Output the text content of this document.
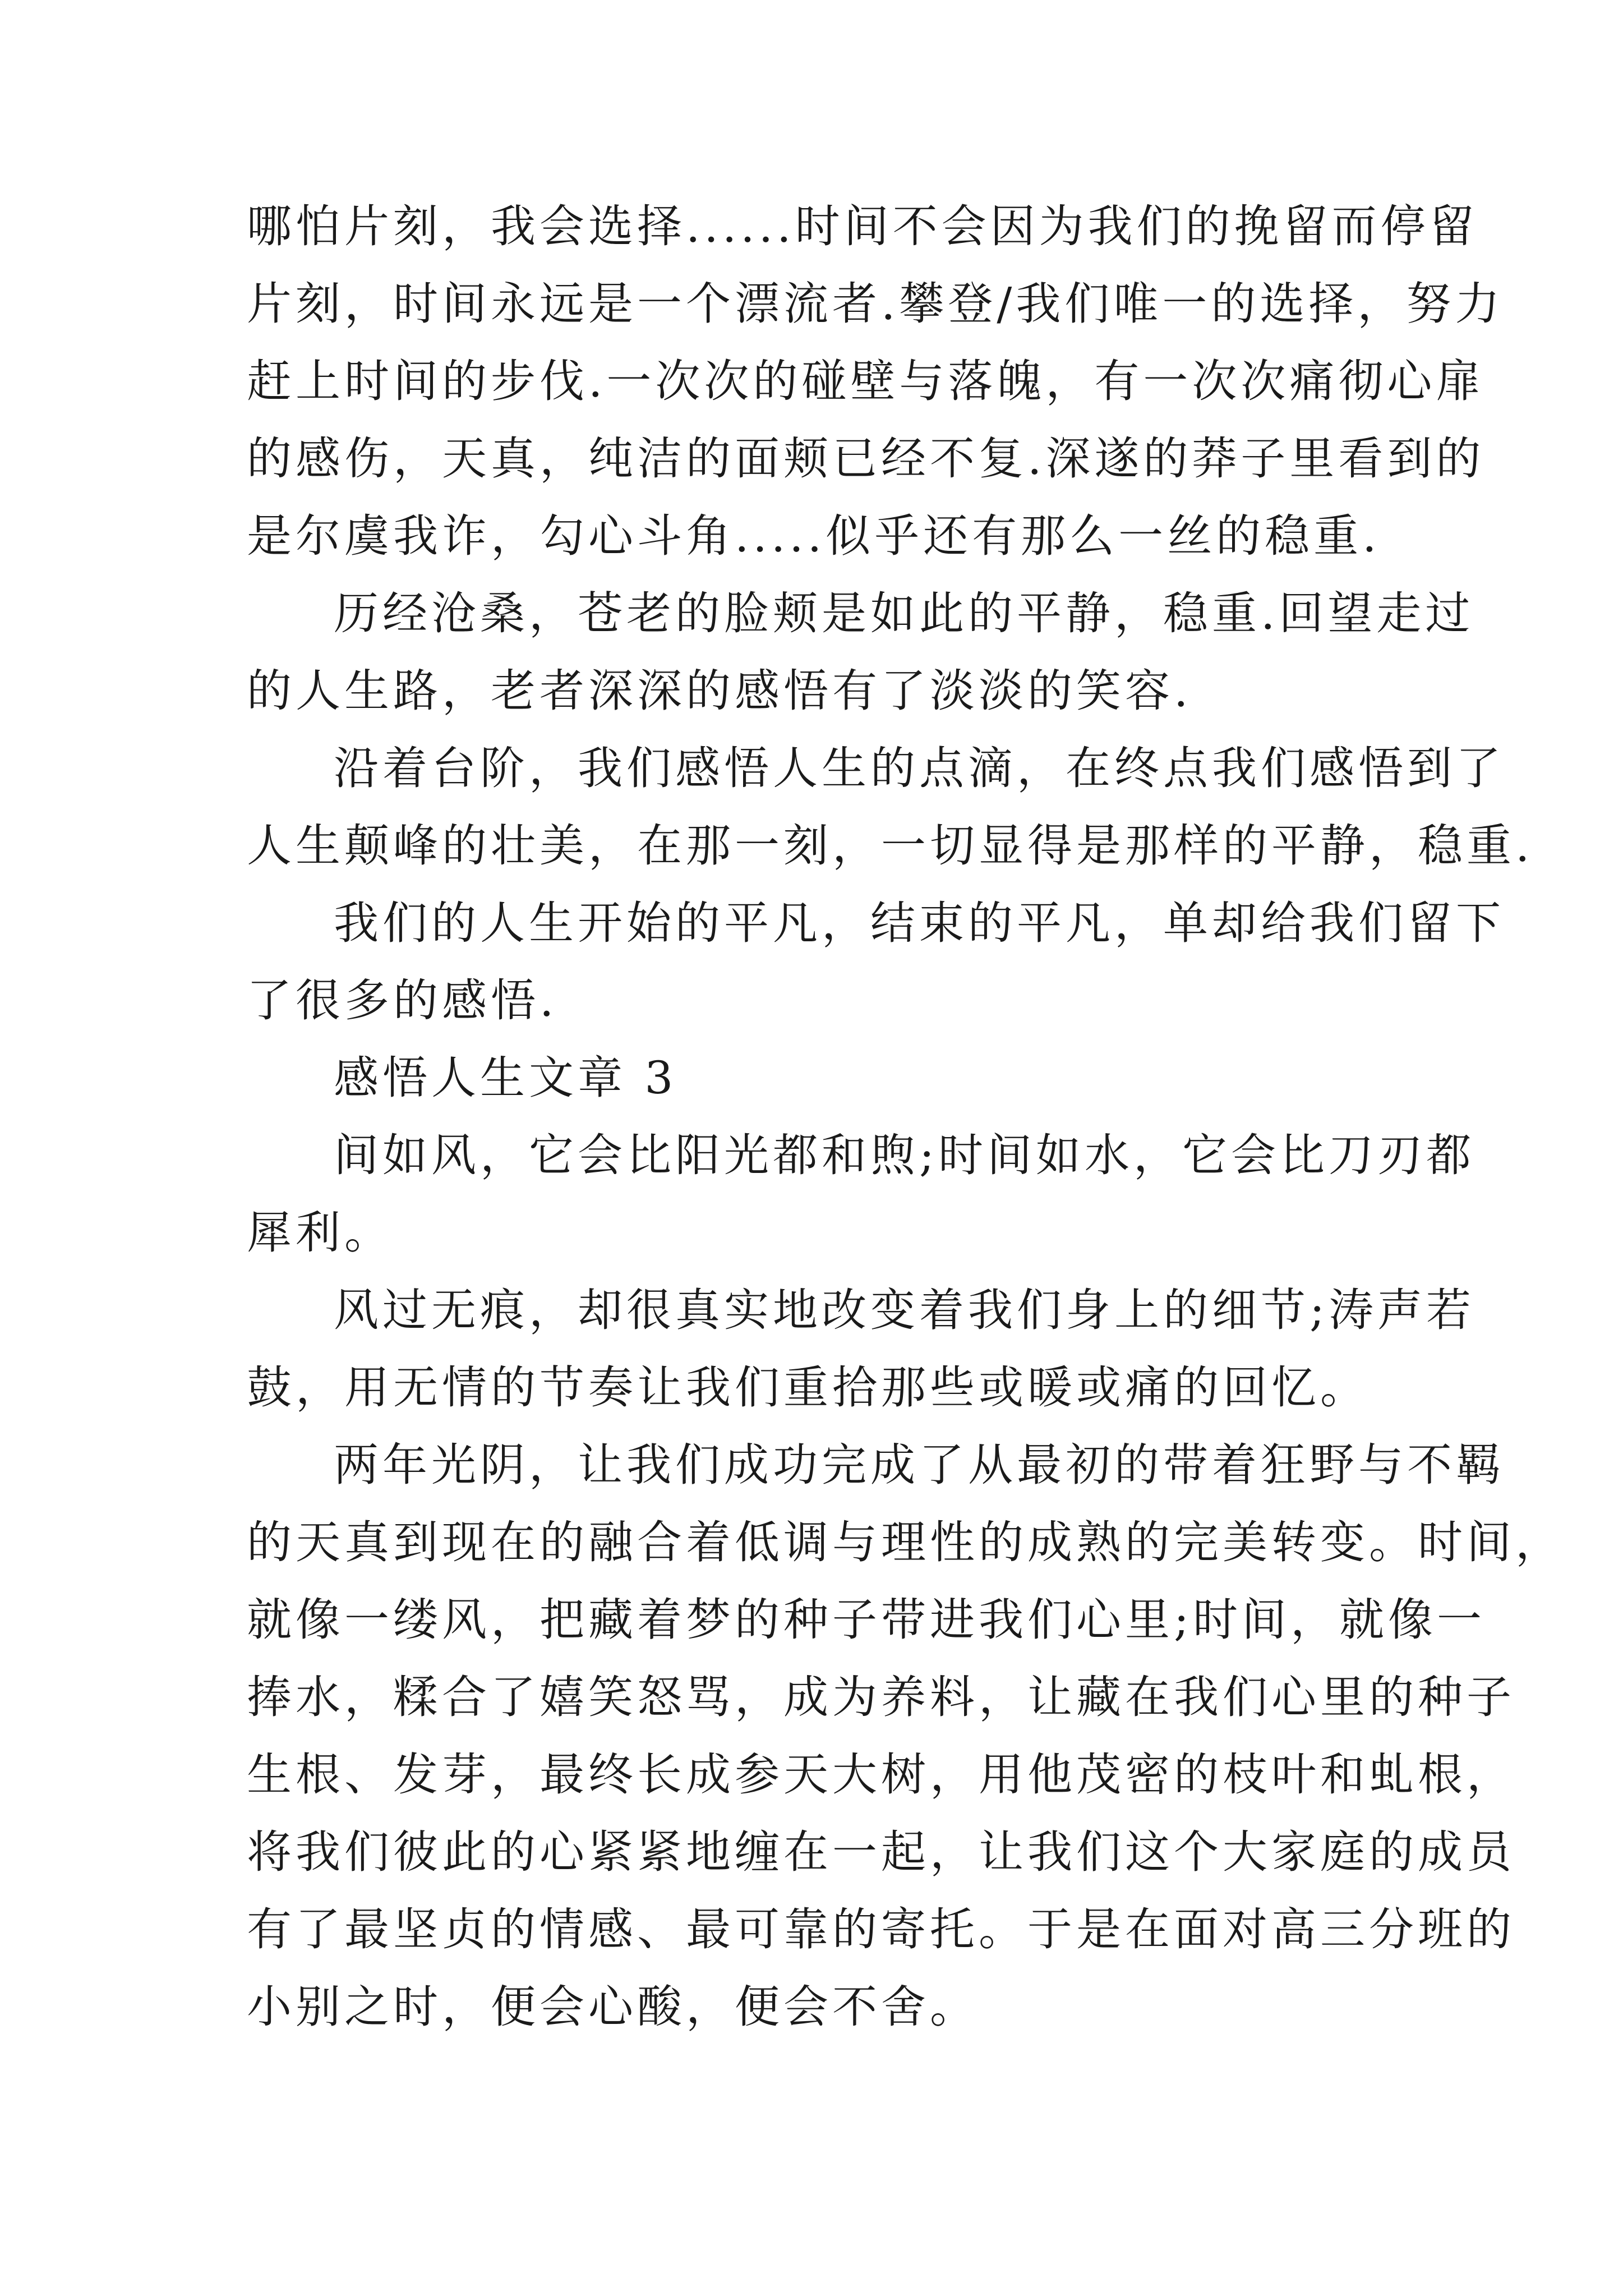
哪怕片刻，我会选择......时间不会因为我们的挽留而停留
片刻，时间永远是一个漂流者.攀登/我们唯一的选择，努力
赶上时间的步伐.一次次的碰壁与落魄，有一次次痛彻心扉
的感伤，天真，纯洁的面颊已经不复.深遂的莽子里看到的
是尔虞我诈，勾心斗角.....似乎还有那么一丝的稳重.
历经沧桑，苍老的脸颊是如此的平静，稳重.回望走过
的人生路，老者深深的感悟有了淡淡的笑容.
沿着台阶，我们感悟人生的点滴，在终点我们感悟到了
人生颠峰的壮美，在那一刻，一切显得是那样的平静，稳重.
我们的人生开始的平凡，结束的平凡，单却给我们留下
了很多的感悟.
感悟人生文章 3
间如风，它会比阳光都和煦;时间如水，它会比刀刃都
犀利。
风过无痕，却很真实地改变着我们身上的细节;涛声若
鼓，用无情的节奏让我们重拾那些或暖或痛的回忆。
两年光阴，让我们成功完成了从最初的带着狂野与不羁
的天真到现在的融合着低调与理性的成熟的完美转变。时间，
就像一缕风，把藏着梦的种子带进我们心里;时间，就像一
捧水，糅合了嬉笑怒骂，成为养料，让藏在我们心里的种子
生根、发芽，最终长成参天大树，用他茂密的枝叶和虬根，
将我们彼此的心紧紧地缠在一起，让我们这个大家庭的成员
有了最坚贞的情感、最可靠的寄托。于是在面对高三分班的
小别之时，便会心酸，便会不舍。
